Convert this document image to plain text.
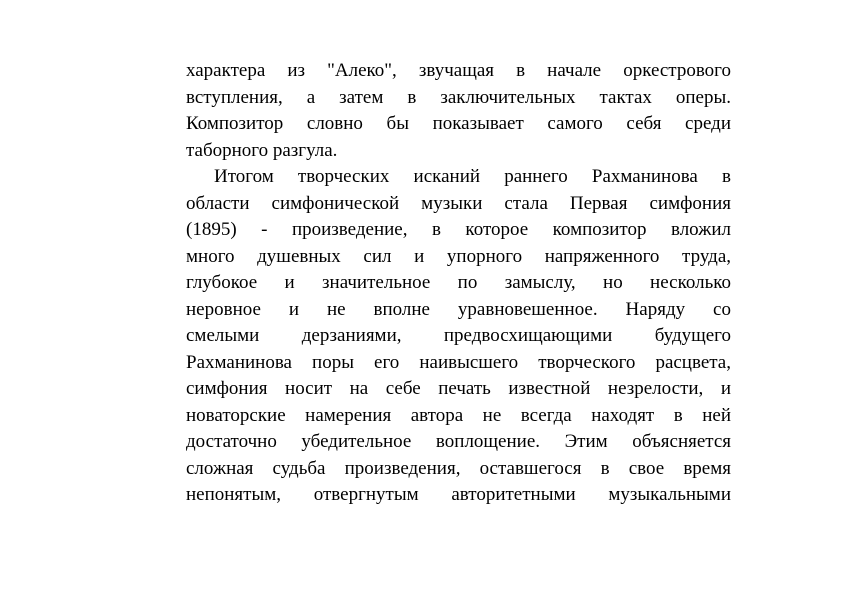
характера из "Алеко", звучащая в начале оркестрового
вступления, а затем в заключительных тактах оперы.
Композитор словно бы показывает самого себя среди
таборного разгула.
Итогом творческих исканий раннего Рахманинова в
области симфонической музыки стала Первая симфония
(1895) - произведение, в которое композитор вложил
много душевных сил и упорного напряженного труда,
глубокое и значительное по замыслу, но несколько
неровное и не вполне уравновешенное. Наряду со
смелыми дерзаниями, предвосхищающими будущего
Рахманинова поры его наивысшего творческого расцвета,
симфония носит на себе печать известной незрелости, и
новаторские намерения автора не всегда находят в ней
достаточно убедительное воплощение. Этим объясняется
сложная судьба произведения, оставшегося в свое время
непонятым, отвергнутым авторитетными музыкальными
